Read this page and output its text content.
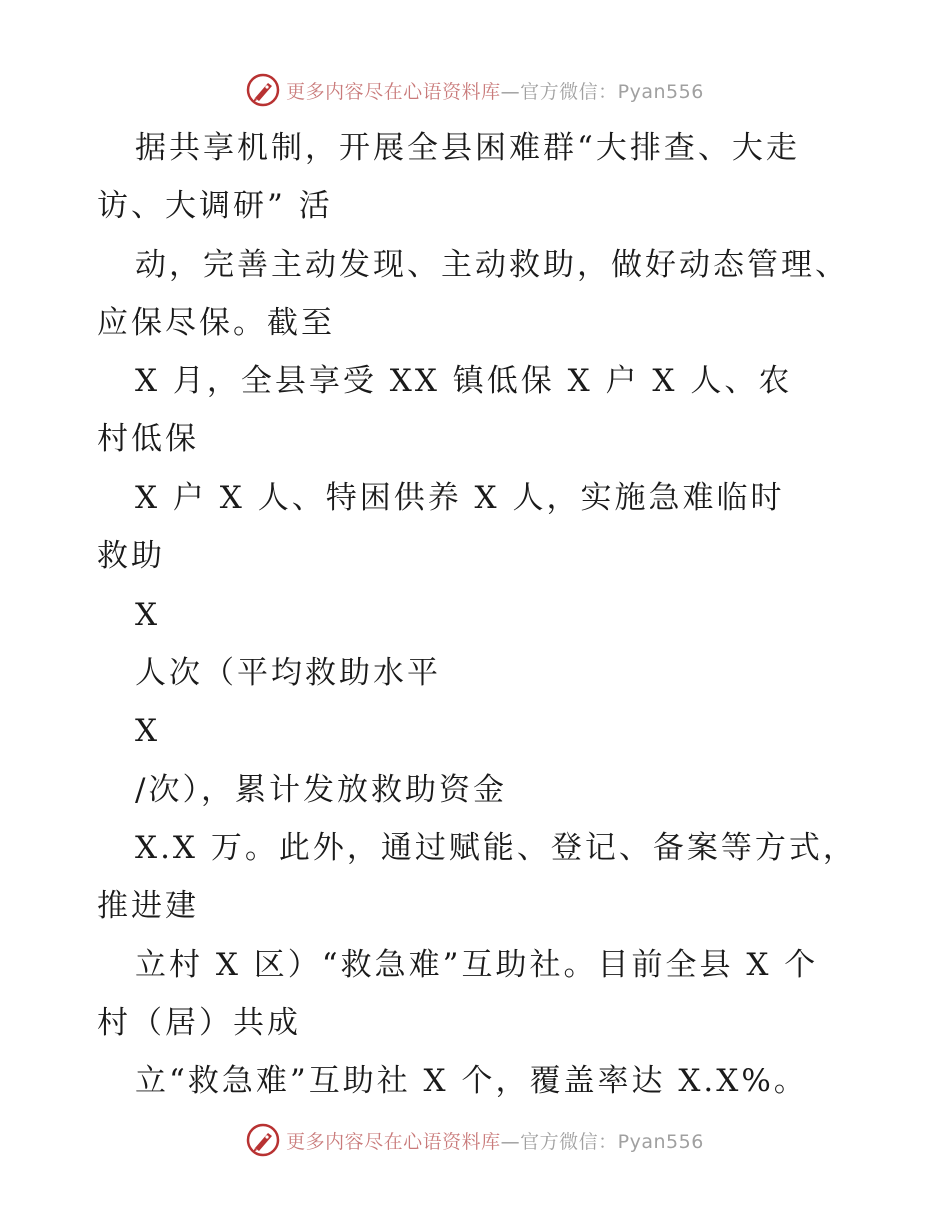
更多内容尽在心语资料库—官方微信：Pyan556
据共享机制，开展全县困难群“大排查、大走
访、大调研” 活
动，完善主动发现、主动救助，做好动态管理、
应保尽保。截至
X 月，全县享受 XX 镇低保 X 户 X 人、农
村低保
X 户 X 人、特困供养 X 人，实施急难临时
救助
X
人次（平均救助水平
X
/次），累计发放救助资金
X.X 万。此外，通过赋能、登记、备案等方式，
推进建
立村 X 区）“救急难”互助社。目前全县 X 个
村（居）共成
立“救急难”互助社 X 个，覆盖率达 X.X%。
更多内容尽在心语资料库—官方微信：Pyan556
